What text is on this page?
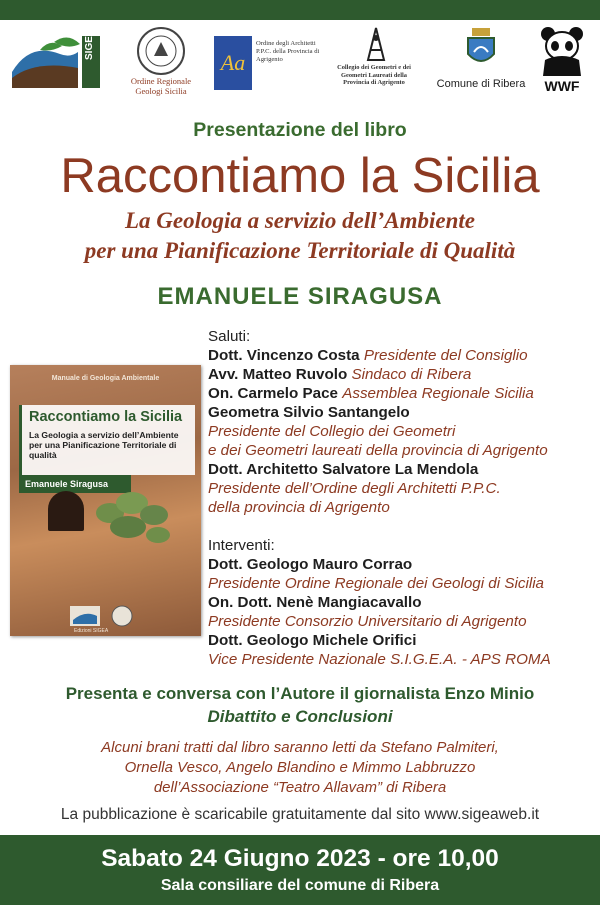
SIGEA
Ordine Regionale Geologi Sicilia
Aa
Ordine degli Architetti P.P.C. della Provincia di Agrigento
Collegio dei Geometri e dei Geometri Laureati della Provincia di Agrigento	Comune di Ribera	WWF
Presentazione del libro
Raccontiamo la Sicilia
La Geologia a servizio dell’Ambiente
per una Pianificazione Territoriale di Qualità
EMANUELE SIRAGUSA
Manuale di Geologia Ambientale
Raccontiamo la Sicilia
La Geologia a servizio dell’Ambiente per una Pianificazione Territoriale di qualità
Emanuele Siragusa
Edizioni SIGEA
Saluti:
Dott. Vincenzo Costa Presidente del Consiglio
Avv. Matteo Ruvolo Sindaco di Ribera
On. Carmelo Pace Assemblea Regionale Sicilia
Geometra Silvio Santangelo
Presidente del Collegio dei Geometri
e dei Geometri laureati della provincia di Agrigento
Dott. Architetto Salvatore La Mendola
Presidente dell’Ordine degli Architetti P.P.C.
della provincia di Agrigento
Interventi:
Dott. Geologo Mauro Corrao
Presidente Ordine Regionale dei Geologi di Sicilia
On. Dott. Nenè Mangiacavallo
Presidente Consorzio Universitario di Agrigento
Dott. Geologo Michele Orifici
Vice Presidente Nazionale S.I.G.E.A. - APS ROMA
Presenta e conversa con l’Autore il giornalista Enzo Minio
Dibattito e Conclusioni
Alcuni brani tratti dal libro saranno letti da Stefano Palmiteri,
Ornella Vesco, Angelo Blandino e Mimmo Labbruzzo
dell’Associazione “Teatro Allavam” di Ribera
La pubblicazione è scaricabile gratuitamente dal sito www.sigeaweb.it
Sabato 24 Giugno 2023 - ore 10,00
Sala consiliare del comune di Ribera
